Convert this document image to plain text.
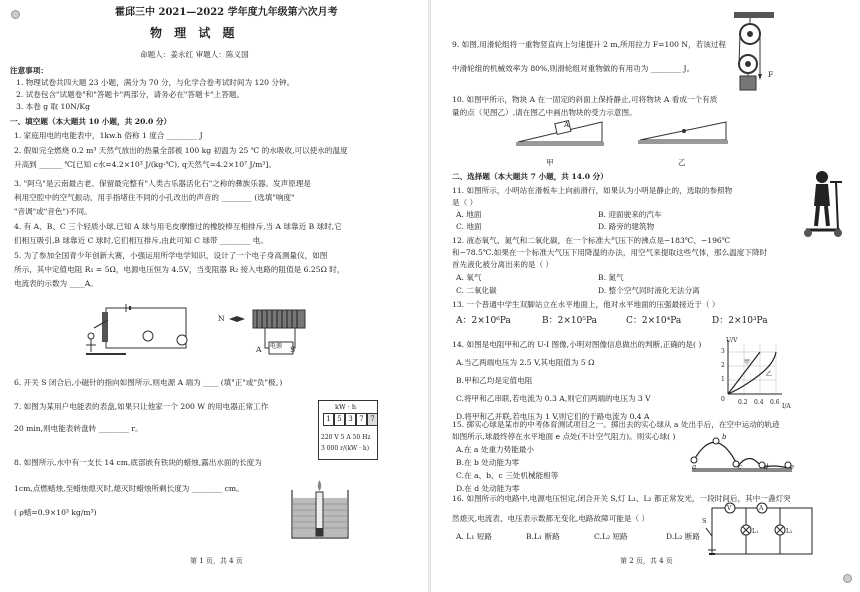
霍邱三中 2021—2022 学年度九年级第六次月考
物 理 试 题
命题人：姜永红 审题人：陈义国
注意事项：
1. 物理试卷共四大题 23 小题，满分为 70 分，与化学合卷考试时间为 120 分钟。
2. 试卷包含"试题卷"和"答题卡"两部分，请务必在"答题卡"上答题。
3. 本卷 g 取 10N/Kg
一、填空题（本大题共 10 小题，共 20.0 分）
1. 家庭用电的电能表中，1kw.h 俗称 1 度合 ________ J
2. 假如完全燃烧 0.2 m³ 天然气放出的热量全部被 100 kg 初温为 25 ℃ 的水吸收,可以使水的温度
升高到 ______ ℃[已知 c水=4.2×10³ J/(kg·℃), q天然气=4.2×10⁷ J/m³]。
3. "阿乌"是云南最古老、保留最完整有"人类古乐器活化石"之称的彝族乐器。发声原理是
利用空腔中的空气振动，用手指堵住不同的小孔改出的声音的 ________ (选填"响度"
"音调"或"音色")不同。
4. 有 A、B、C 三个轻质小球,已知 A 球与用毛皮摩擦过的橡胶棒互相排斥,当 A 球靠近 B 球时,它
们相互吸引,B 球靠近 C 球时,它们相互排斥,由此可知 C 球带 ________ 电。
5. 为了参加全国青少年创新大赛，小强运用所学电学知识，设计了一个电子身高测量仪，如图
所示，其中定值电阻 R₁ = 5Ω，电源电压恒为 4.5V，当变阻器 R₂ 接入电路的阻值是 6.25Ω 时，
电流表的示数为 ____A。
N
A	S
电源
6. 开关 S 闭合后,小磁针的指向如图所示,则电源 A 端为 ____ (填"正"或"负"极。)
7. 如图为某用户电能表的表盘,如果只让他家一个 200 W 的用电器正常工作
20 min,则电能表转盘转 ________ r。
kW · h
1 5 3 7 7
220 V 5 A 50 Hz
3 000 r/(kW · h)
8. 如图所示,水中有一支长 14 cm,底部嵌有铁块的蜡烛,露出水面的长度为
1cm,点燃蜡烛,至蜡烛熄灭时,熄灭时蜡烛所剩长度为 ________ cm。
( ρ蜡=0.9×10³ kg/m³)
第 1 页，共 4 页
9. 如图,用滑轮组将一重物竖直向上匀速提升 2 m,所用拉力 F=100 N，若该过程
中滑轮组的机械效率为 80%,则滑轮组对重物做的有用功为 ________ J。
F
10. 如图甲所示，物块 A 在一固定的斜面上保持静止,可将物块 A 看成一个有质
量的点（见图乙）,请在图乙中画出物块的受力示意图。
A
甲	乙
二、选择题（本大题共 7 小题，共 14.0 分）
11. 如图所示，小明站在滑板车上向前滑行，如果认为小明是静止的，选取的参照物
是（ ）
A. 地面	B. 迎面驶来的汽车
C. 地面	D. 路旁的建筑物
12. 液态氧气、氮气和二氧化碳，在一个标准大气压下的沸点是−183℃、−196℃
和−78.5℃.如果在一个标准大气压下用降温的办法，用空气来提取这些气体，那么温度下降时
首先液化被分离出来的是（ ）
A. 氧气	B. 氮气
C. 二氧化碳	D. 整个空气同时液化无法分离
13. 一个普通中学生双脚站立在水平地面上，他对水平地面的压强最接近于（ ）
A：2×10⁶Pa	B：2×10⁵Pa	C：2×10⁴Pa	D：2×10³Pa
14. 如图是电阻甲和乙的 U-I 图像,小明对图像信息做出的判断,正确的是( )
A.当乙两端电压为 2.5 V,其电阻值为 5 Ω
B.甲和乙均是定值电阻
C.将甲和乙串联,若电流为 0.3 A,则它们两端的电压为 3 V
D.将甲和乙并联,若电压为 1 V,则它们的干路电流为 0.4 A
U/V
I/A
3
2
1
0 0.2 0.4 0.6
甲
乙
15. 掷实心球是某市的中考体育测试项目之一。掷出去的实心球从 a 处出手后，在空中运动的轨迹
如图所示,球最终停在水平地面 e 点处(不计空气阻力)。则实心球( )
A.在 a 处重力势能最小
B.在 b 处动能为零
C.在 a、b、c 三处机械能相等
D.在 d 处动能为零
a
b
c	d	e
16. 如图所示的电路中,电源电压恒定,闭合开关 S,灯 L₁、L₂ 都正常发光，一段时间后，其中一盏灯突
然熄灭,电流表、电压表示数都无变化,电路故障可能是（ ）
A. L₁ 短路	B.L₁ 断路	C.L₂ 短路	D.L₂ 断路
S
V	A
L₁	L₂
第 2 页，共 4 页
